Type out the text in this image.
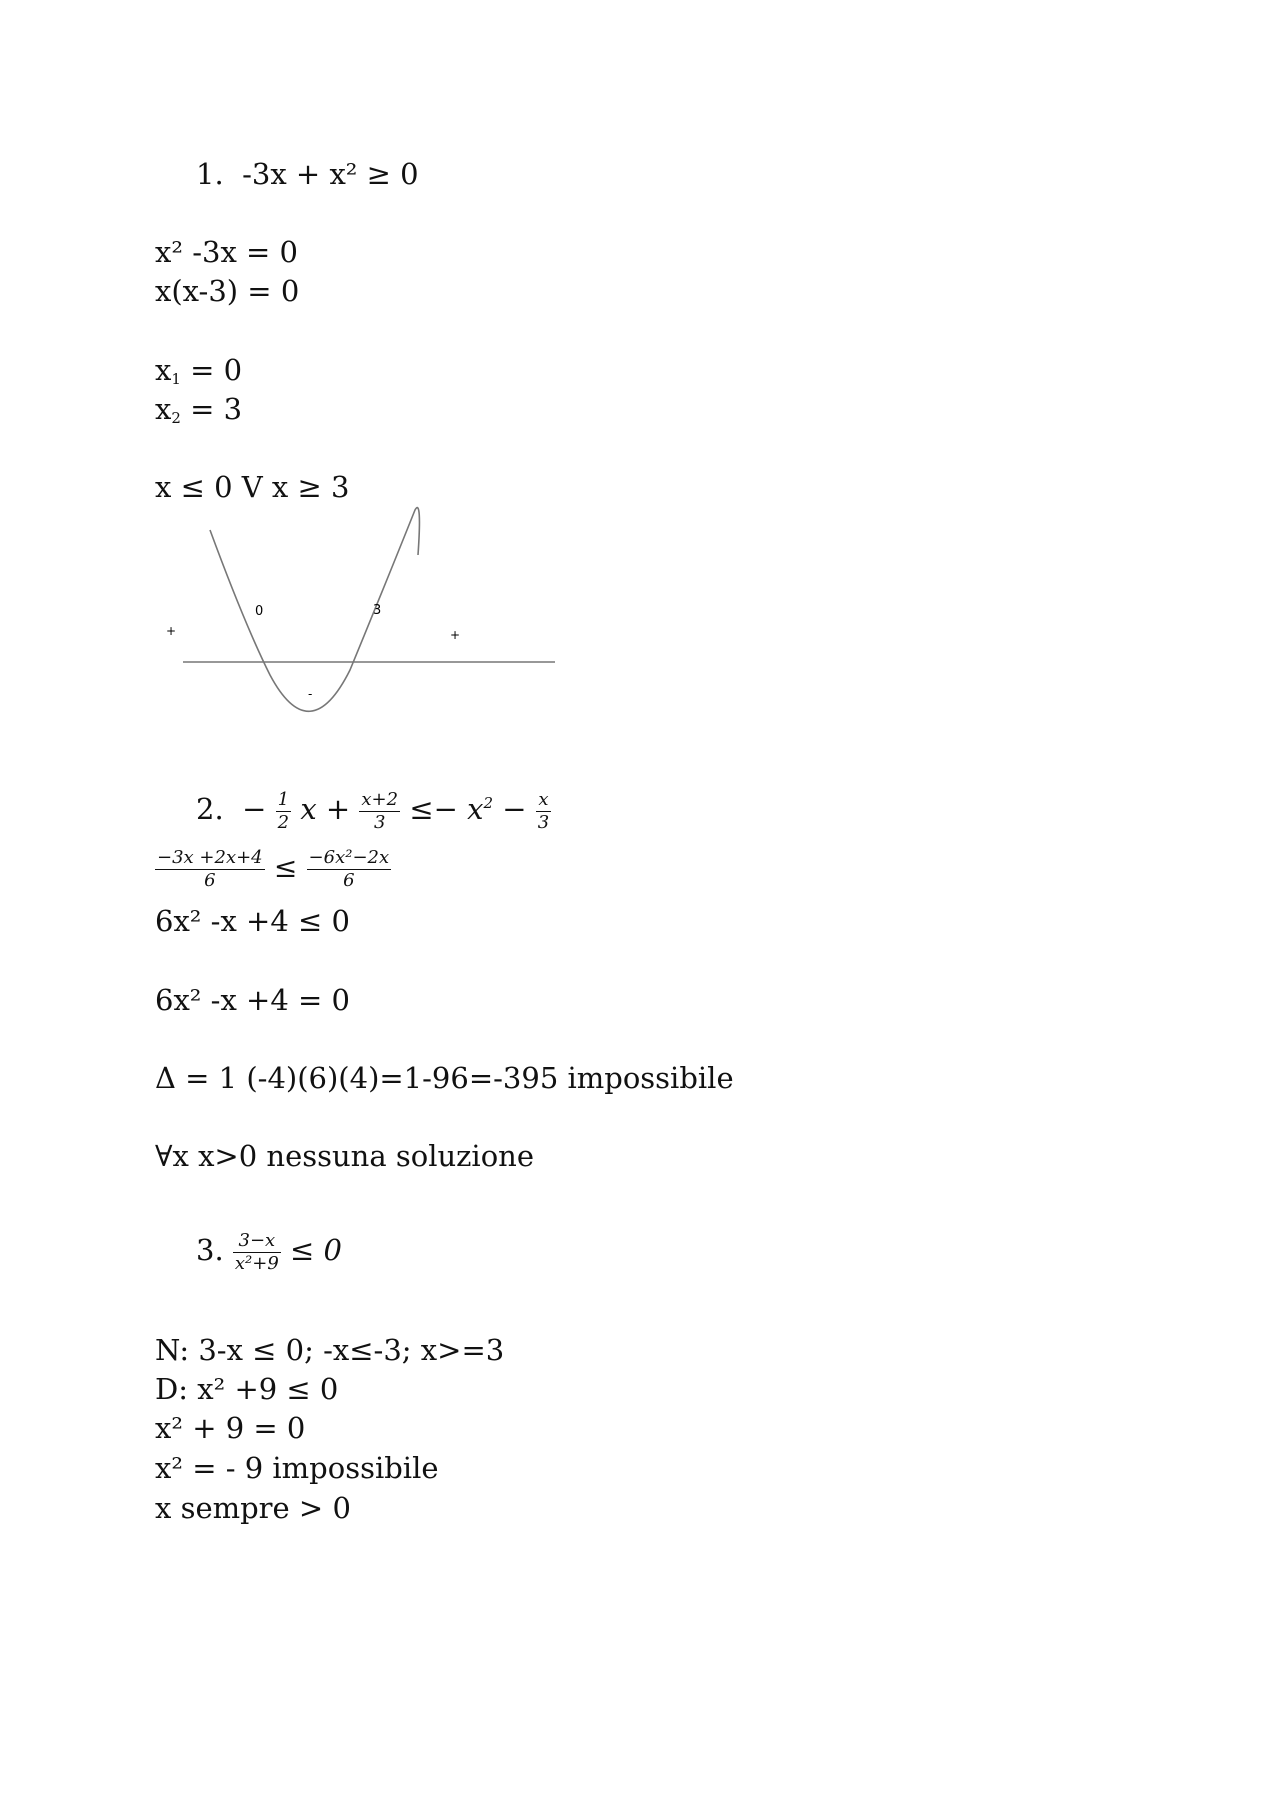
1. -3x + x² ≥ 0
x² -3x = 0
x(x-3) = 0
$x_1 = 0$
$x_2 = 3$
x ≤ 0 V x ≥ 3
0	3
+	+
-
2.  − $\frac{1}{2}$ $x + \frac{x+2}{3} \le- x^2 - \frac{x}{3}$
$\frac{-3x +2x+4}{6} \le \frac{\text{−6x²−2x}}{6}$
6x² -x +4 ≤ 0
6x² -x +4 = 0
Δ = 1 (-4)(6)(4)=1-96=-395 impossibile
∀x x>0 nessuna soluzione
3. $\frac{3-x}{\text{x²+9}} \le 0$
N: 3-x ≤ 0; -x≤-3; x>=3
D: x² +9 ≤ 0
x² + 9 = 0
x² = - 9 impossibile
x sempre > 0
